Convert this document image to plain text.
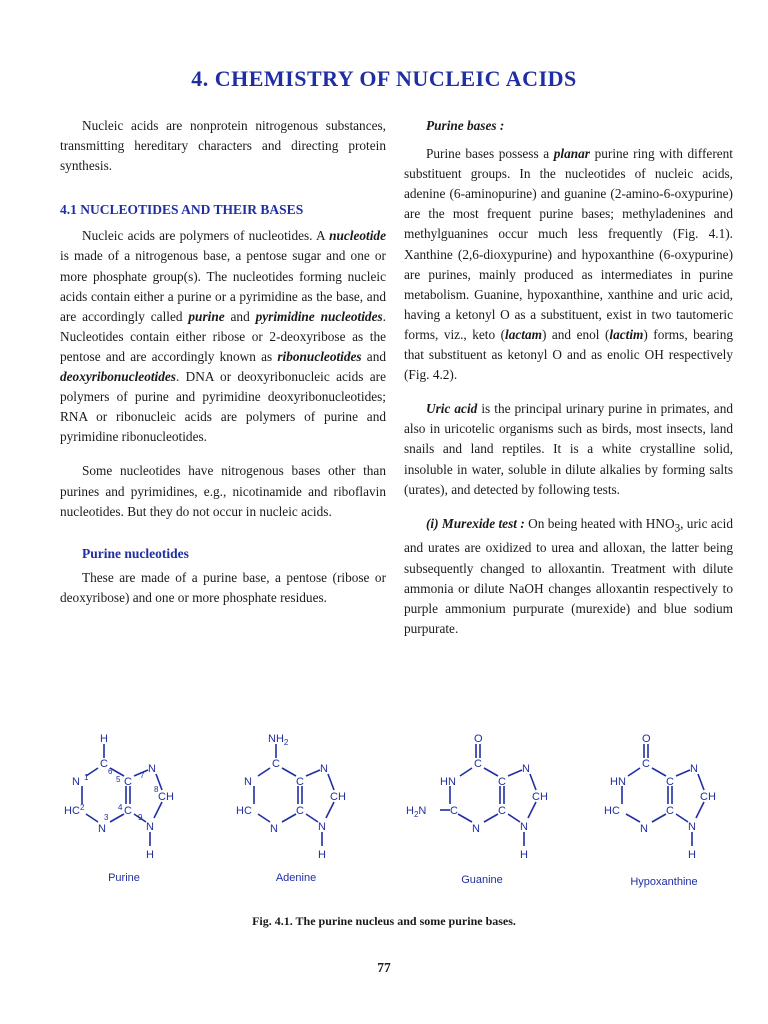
4. CHEMISTRY OF NUCLEIC ACIDS

Nucleic acids are nonprotein nitrogenous substances, transmitting hereditary characters and directing protein synthesis.

4.1 NUCLEOTIDES AND THEIR BASES

Nucleic acids are polymers of nucleotides. A nucleotide is made of a nitrogenous base, a pentose sugar and one or more phosphate group(s). The nucleotides forming nucleic acids contain either a purine or a pyrimidine as the base, and are accordingly called purine and pyrimidine nucleotides. Nucleotides contain either ribose or 2-deoxyribose as the pentose and are accordingly known as ribonucleotides and deoxyribonucleotides. DNA or deoxyribonucleic acids are polymers of purine and pyrimidine deoxyribonucleotides; RNA or ribonucleic acids are polymers of purine and pyrimidine ribonucleotides.

Some nucleotides have nitrogenous bases other than purines and pyrimidines, e.g., nicotinamide and riboflavin nucleotides. But they do not occur in nucleic acids.

Purine nucleotides

These are made of a purine base, a pentose (ribose or deoxyribose) and one or more phosphate residues.

Purine bases :

Purine bases possess a planar purine ring with different substituent groups. In the nucleotides of nucleic acids, adenine (6-aminopurine) and guanine (2-amino-6-oxypurine) are the most frequent purine bases; methyladenines and methylguanines occur much less frequently (Fig. 4.1). Xanthine (2,6-dioxypurine) and hypoxanthine (6-oxypurine) are purines, mainly produced as intermediates in purine metabolism. Guanine, hypoxanthine, xanthine and uric acid, having a ketonyl O as a substituent, exist in two tautomeric forms, viz., keto (lactam) and enol (lactim) forms, bearing that substituent as ketonyl O and as enolic OH respectively (Fig. 4.2).

Uric acid is the principal urinary purine in primates, and also in uricotelic organisms such as birds, most insects, land snails and land reptiles. It is a white crystalline solid, insoluble in water, soluble in dilute alkalies by forming salts (urates), and detected by following tests.

(i) Murexide test : On being heated with $HNO_3$, uric acid and urates are oxidized to urea and alloxan, the latter being subsequently changed to alloxantin. Treatment with dilute ammonia or dilute NaOH changes alloxantin respectively to purple ammonium purpurate (murexide) and blue sodium purpurate.

H
C
N	C
N
CH
HC	C
N	N
H
1
2
3
4
5
6	7
8
9
Purine
$NH_2$
C
N	C
N
CH
HC	C
N	N
H
Adenine
O
C
HN	C
N
CH
$H_2N$ C	C
N	N
H
Guanine
O
C
HN	C
N
CH
HC	C
N	N
H
Hypoxanthine
Fig. 4.1. The purine nucleus and some purine bases.
77
